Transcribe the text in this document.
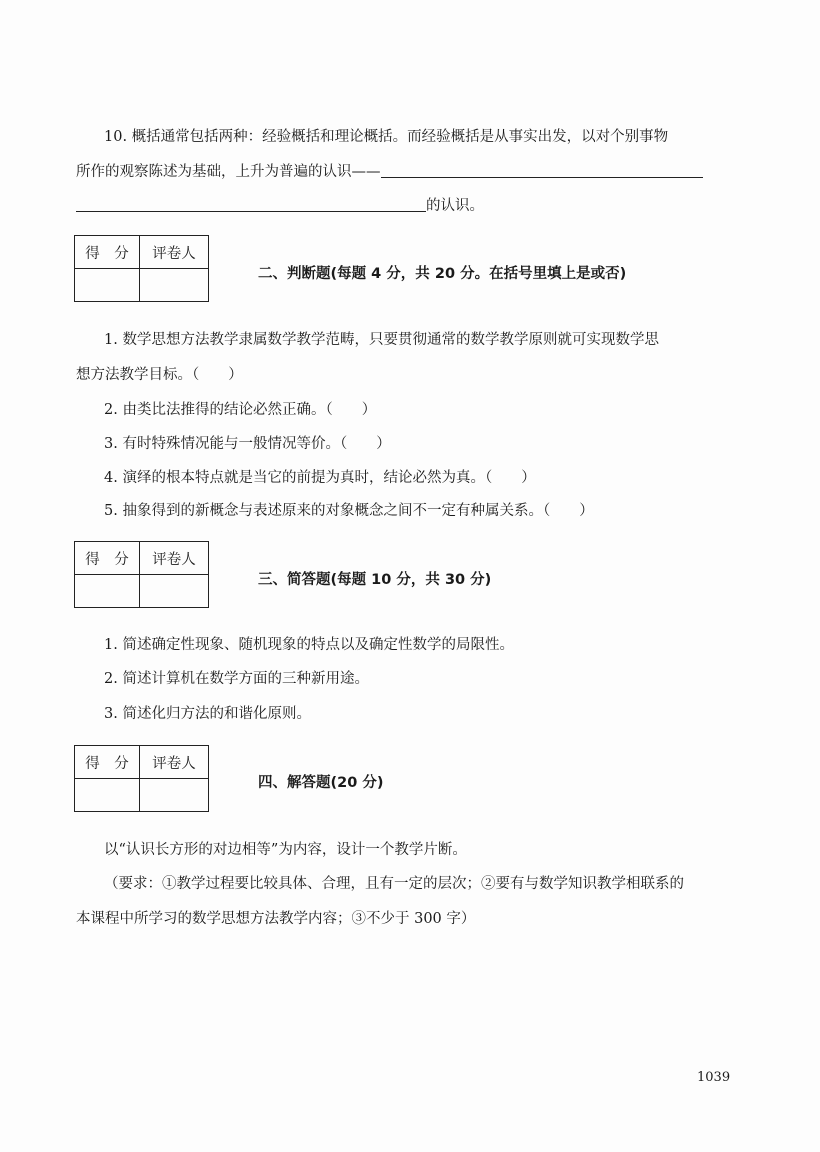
10. 概括通常包括两种：经验概括和理论概括。而经验概括是从事实出发，以对个别事物
所作的观察陈述为基础，上升为普遍的认识——
的认识。
得　分	评卷人

二、判断题(每题 4 分，共 20 分。在括号里填上是或否)
1. 数学思想方法教学隶属数学教学范畴，只要贯彻通常的数学教学原则就可实现数学思
想方法教学目标。（　　）
2. 由类比法推得的结论必然正确。（　　）
3. 有时特殊情况能与一般情况等价。（　　）
4. 演绎的根本特点就是当它的前提为真时，结论必然为真。（　　）
5. 抽象得到的新概念与表述原来的对象概念之间不一定有种属关系。（　　）
得　分	评卷人

三、简答题(每题 10 分，共 30 分)
1. 简述确定性现象、随机现象的特点以及确定性数学的局限性。
2. 简述计算机在数学方面的三种新用途。
3. 简述化归方法的和谐化原则。
得　分	评卷人

四、解答题(20 分)
以“认识长方形的对边相等”为内容，设计一个教学片断。
（要求：①教学过程要比较具体、合理，且有一定的层次；②要有与数学知识教学相联系的
本课程中所学习的数学思想方法教学内容；③不少于 300 字）
1039
